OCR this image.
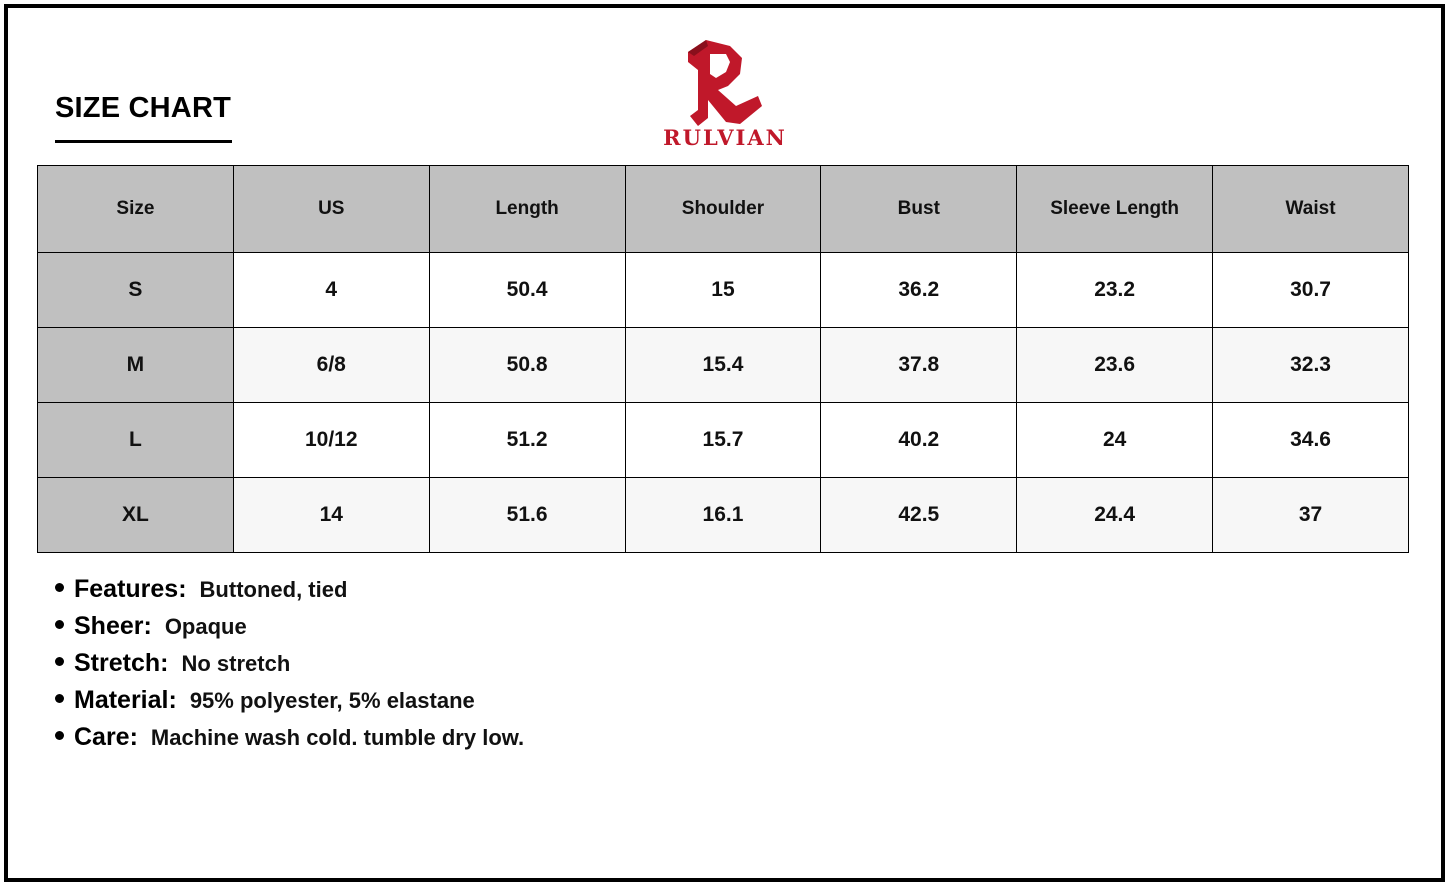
SIZE CHART
RULVIAN
Size	US	Length	Shoulder	Bust	Sleeve Length	Waist
S	4	50.4	15	36.2	23.2	30.7
M	6/8	50.8	15.4	37.8	23.6	32.3
L	10/12	51.2	15.7	40.2	24	34.6
XL	14	51.6	16.1	42.5	24.4	37
Features: Buttoned, tied
Sheer: Opaque
Stretch: No stretch
Material: 95% polyester, 5% elastane
Care: Machine wash cold. tumble dry low.
